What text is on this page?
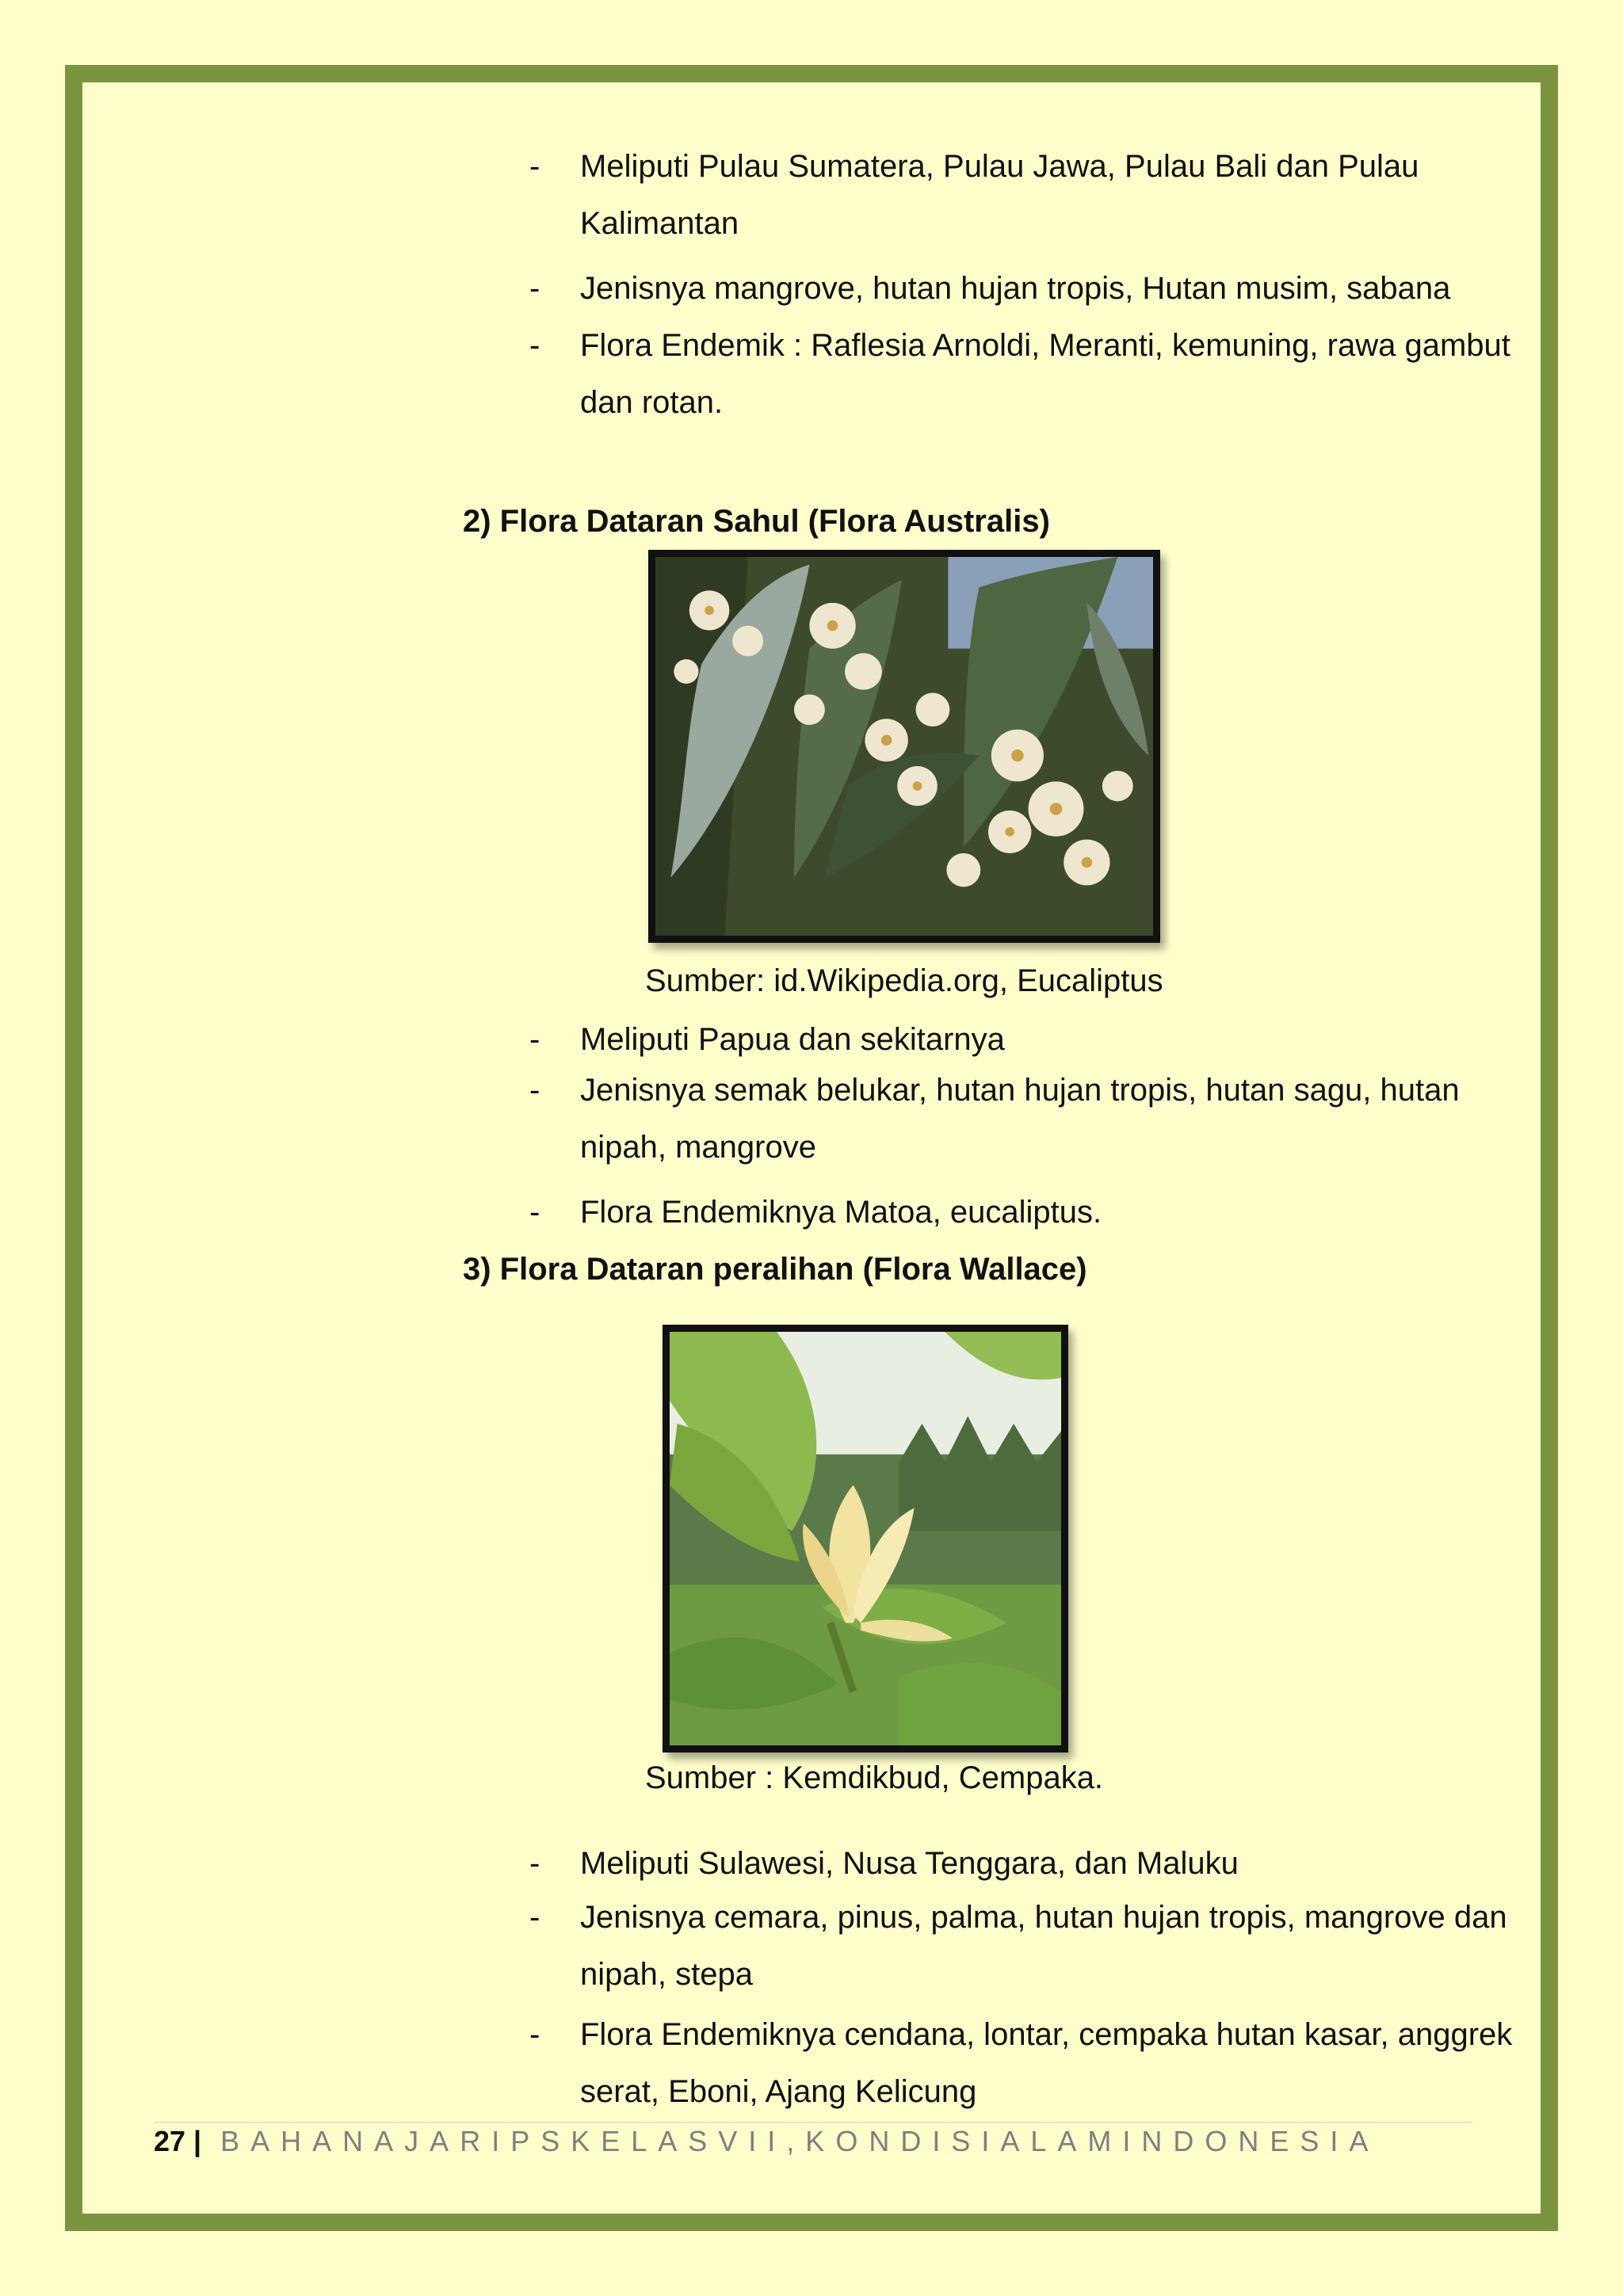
- Meliputi Pulau Sumatera, Pulau Jawa, Pulau Bali dan Pulau Kalimantan
- Jenisnya mangrove, hutan hujan tropis, Hutan musim, sabana
- Flora Endemik : Raflesia Arnoldi, Meranti, kemuning, rawa gambut dan rotan.
2) Flora Dataran Sahul (Flora Australis)
Sumber: id.Wikipedia.org, Eucaliptus
- Meliputi Papua dan sekitarnya
- Jenisnya semak belukar, hutan hujan tropis, hutan sagu, hutan nipah, mangrove
- Flora Endemiknya Matoa, eucaliptus.
3) Flora Dataran peralihan (Flora Wallace)
Sumber : Kemdikbud, Cempaka.
- Meliputi Sulawesi, Nusa Tenggara, dan Maluku
- Jenisnya cemara, pinus, palma, hutan hujan tropis, mangrove dan nipah, stepa
- Flora Endemiknya cendana, lontar, cempaka hutan kasar, anggrek serat, Eboni, Ajang Kelicung
27 | BAHANAJARIPSKELASVII,KONDISIALAMINDONESIA
